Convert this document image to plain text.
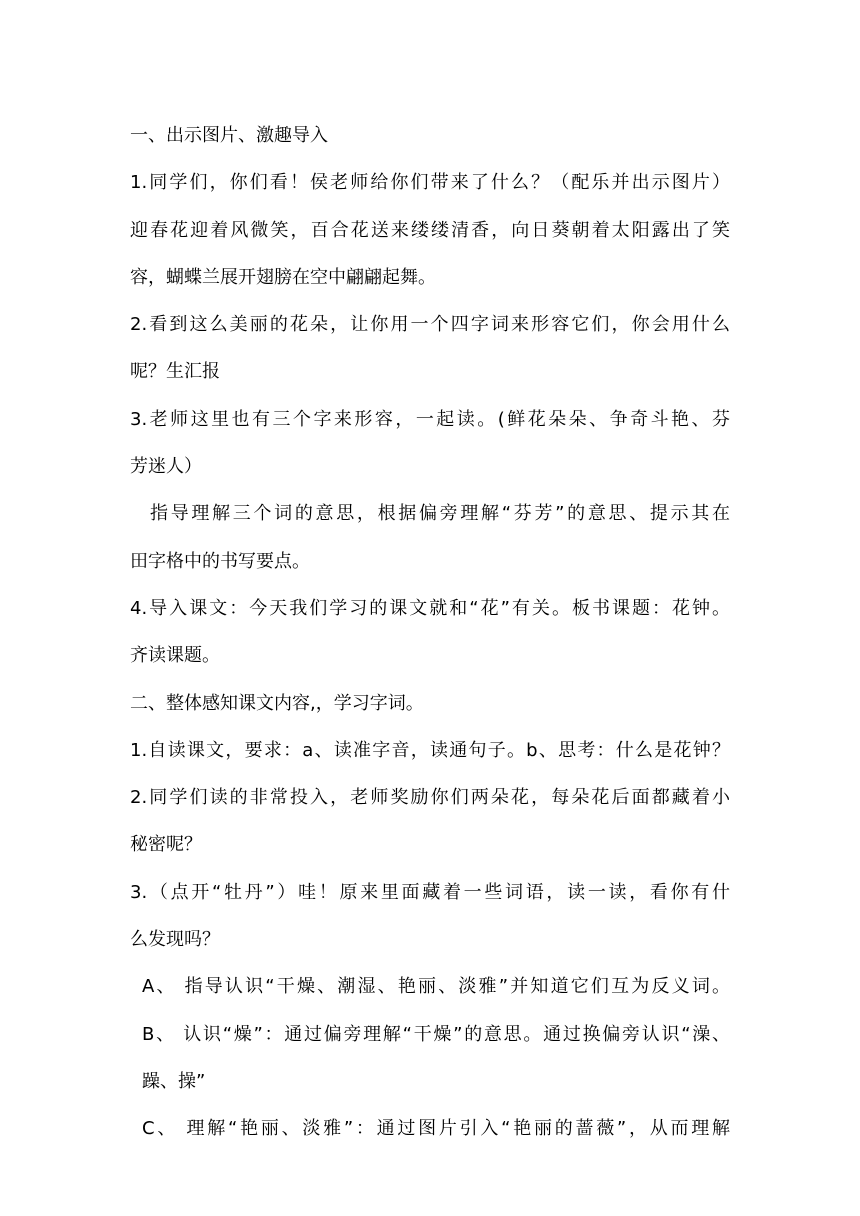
一、出示图片、激趣导入
1.同学们，你们看！侯老师给你们带来了什么？（配乐并出示图片）
迎春花迎着风微笑，百合花送来缕缕清香，向日葵朝着太阳露出了笑
容，蝴蝶兰展开翅膀在空中翩翩起舞。
2.看到这么美丽的花朵，让你用一个四字词来形容它们，你会用什么
呢？生汇报
3.老师这里也有三个字来形容，一起读。(鲜花朵朵、争奇斗艳、芬
芳迷人）
指导理解三个词的意思，根据偏旁理解“芬芳”的意思、提示其在
田字格中的书写要点。
4.导入课文：今天我们学习的课文就和“花”有关。板书课题：花钟。
齐读课题。
二、整体感知课文内容,，学习字词。
1.自读课文，要求：a、读准字音，读通句子。b、思考：什么是花钟？
2.同学们读的非常投入，老师奖励你们两朵花，每朵花后面都藏着小
秘密呢？
3.（点开“牡丹”）哇！原来里面藏着一些词语，读一读，看你有什
么发现吗？
A、 指导认识“干燥、潮湿、艳丽、淡雅”并知道它们互为反义词。
B、 认识“燥”：通过偏旁理解“干燥”的意思。通过换偏旁认识“澡、
躁、操”
C、 理解“艳丽、淡雅”：通过图片引入“艳丽的蔷薇”，从而理解
